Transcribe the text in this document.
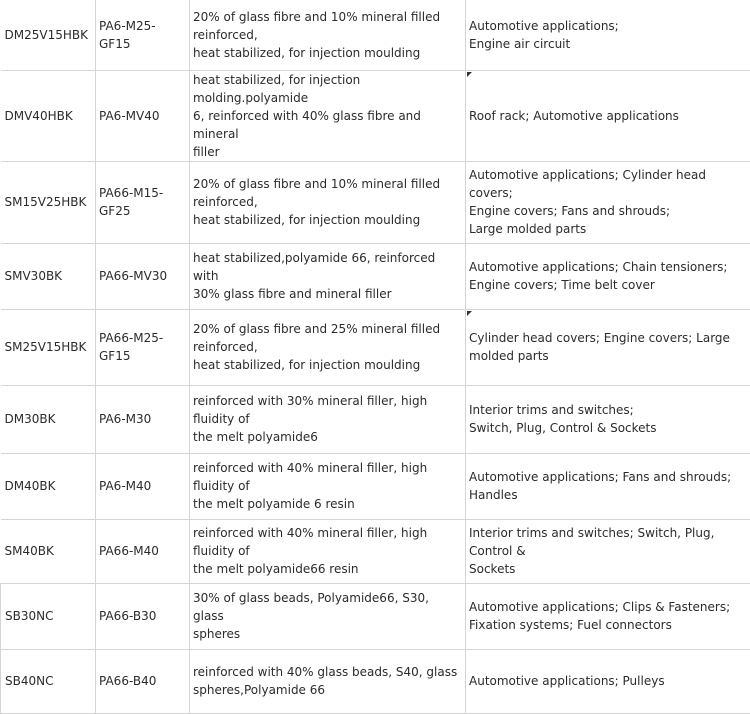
DM25V15HBK	PA6-M25-GF15	20% of glass fibre and 10% mineral filled
reinforced,
heat stabilized, for injection moulding	Automotive applications;
Engine air circuit
DMV40HBK	PA6-MV40	heat stabilized, for injection molding.polyamide
6, reinforced with 40% glass fibre and mineral
filler	Roof rack; Automotive applications
SM15V25HBK	PA66-M15-GF25	20% of glass fibre and 10% mineral filled
reinforced,
heat stabilized, for injection moulding	Automotive applications; Cylinder head covers;
Engine covers; Fans and shrouds;
Large molded parts
SMV30BK	PA66-MV30	heat stabilized,polyamide 66, reinforced with
30% glass fibre and mineral filler	Automotive applications; Chain tensioners;
Engine covers; Time belt cover
SM25V15HBK	PA66-M25-GF15	20% of glass fibre and 25% mineral filled
reinforced,
heat stabilized, for injection moulding	Cylinder head covers; Engine covers; Large
molded parts
DM30BK	PA6-M30	reinforced with 30% mineral filler, high fluidity of
the melt polyamide6	Interior trims and switches;
Switch, Plug, Control & Sockets
DM40BK	PA6-M40	reinforced with 40% mineral filler, high fluidity of
the melt polyamide 6 resin	Automotive applications; Fans and shrouds;
Handles
SM40BK	PA66-M40	reinforced with 40% mineral filler, high fluidity of
the melt polyamide66 resin	Interior trims and switches; Switch, Plug, Control &
Sockets
SB30NC	PA66-B30	30% of glass beads, Polyamide66, S30, glass
spheres	Automotive applications; Clips & Fasteners;
Fixation systems; Fuel connectors
SB40NC	PA66-B40	reinforced with 40% glass beads, S40, glass
spheres,Polyamide 66	Automotive applications; Pulleys
